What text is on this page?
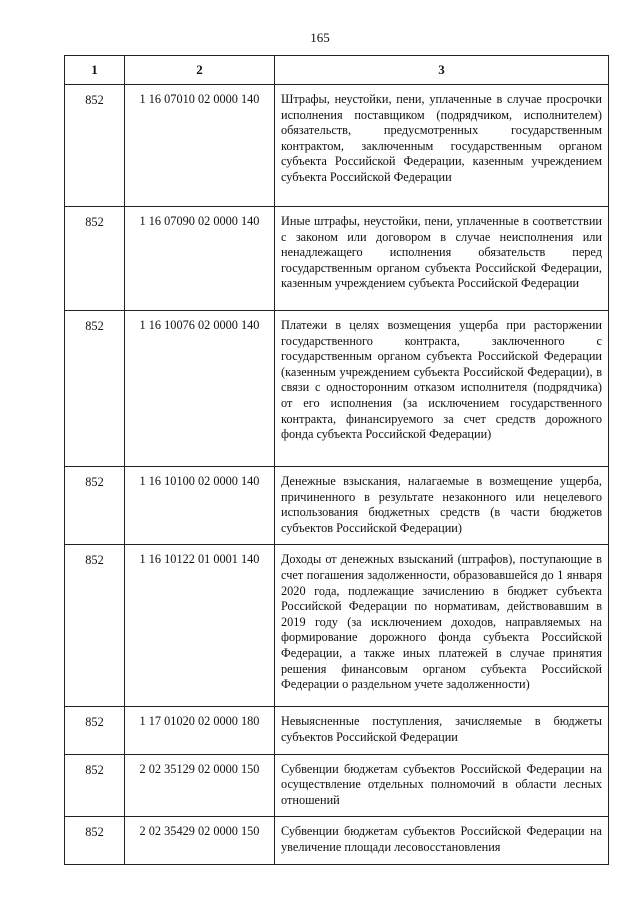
165
1	2	3
852	1 16 07010 02 0000 140	Штрафы, неустойки, пени, уплаченные в случае просрочки исполнения поставщиком (подрядчиком, исполнителем) обязательств, предусмотренных государственным контрактом, заключенным государственным органом субъекта Российской Федерации, казенным учреждением субъекта Российской Федерации
852	1 16 07090 02 0000 140	Иные штрафы, неустойки, пени, уплаченные в соответствии с законом или договором в случае неисполнения или ненадлежащего исполнения обязательств перед государственным органом субъекта Российской Федерации, казенным учреждением субъекта Российской Федерации
852	1 16 10076 02 0000 140	Платежи в целях возмещения ущерба при расторжении государственного контракта, заключенного с государственным органом субъекта Российской Федерации (казенным учреждением субъекта Российской Федерации), в связи с односторонним отказом исполнителя (подрядчика) от его исполнения (за исключением государственного контракта, финансируемого за счет средств дорожного фонда субъекта Российской Федерации)
852	1 16 10100 02 0000 140	Денежные взыскания, налагаемые в возмещение ущерба, причиненного в результате незаконного или нецелевого использования бюджетных средств (в части бюджетов субъектов Российской Федерации)
852	1 16 10122 01 0001 140	Доходы от денежных взысканий (штрафов), поступающие в счет погашения задолженности, образовавшейся до 1 января 2020 года, подлежащие зачислению в бюджет субъекта Российской Федерации по нормативам, действовавшим в 2019 году (за исключением доходов, направляемых на формирование дорожного фонда субъекта Российской Федерации, а также иных платежей в случае принятия решения финансовым органом субъекта Российской Федерации о раздельном учете задолженности)
852	1 17 01020 02 0000 180	Невыясненные поступления, зачисляемые в бюджеты субъектов Российской Федерации
852	2 02 35129 02 0000 150	Субвенции бюджетам субъектов Российской Федерации на осуществление отдельных полномочий в области лесных отношений
852	2 02 35429 02 0000 150	Субвенции бюджетам субъектов Российской Федерации на увеличение площади лесовосстановления
